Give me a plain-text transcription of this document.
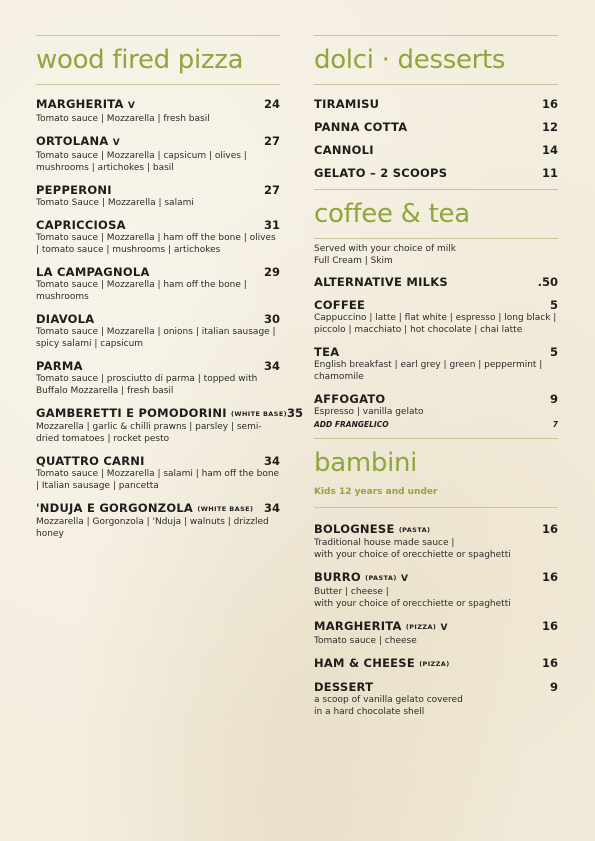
wood fired pizza
MARGHERITA V	24
Tomato sauce | Mozzarella | fresh basil
ORTOLANA V	27
Tomato sauce | Mozzarella | capsicum | olives | mushrooms | artichokes | basil
PEPPERONI	27
Tomato Sauce | Mozzarella | salami
CAPRICCIOSA	31
Tomato sauce | Mozzarella | ham off the bone | olives | tomato sauce | mushrooms | artichokes
LA CAMPAGNOLA	29
Tomato sauce | Mozzarella | ham off the bone | mushrooms
DIAVOLA	30
Tomato sauce | Mozzarella | onions | italian sausage | spicy salami | capsicum
PARMA	34
Tomato sauce | prosciutto di parma | topped with Buffalo Mozzarella | fresh basil
GAMBERETTI E POMODORINI (WHITE BASE) 35
Mozzarella | garlic & chilli prawns | parsley | semi-dried tomatoes | rocket pesto
QUATTRO CARNI	34
Tomato sauce | Mozzarella | salami | ham off the bone | Italian sausage | pancetta
'NDUJA E GORGONZOLA (WHITE BASE) 34
Mozzarella | Gorgonzola | 'Nduja | walnuts | drizzled honey
dolci · desserts
TIRAMISU	16
PANNA COTTA	12
CANNOLI	14
GELATO – 2 SCOOPS	11
coffee & tea
Served with your choice of milk
Full Cream | Skim
ALTERNATIVE MILKS	.50
COFFEE	5
Cappuccino | latte | flat white | espresso | long black | piccolo | macchiato | hot chocolate | chai latte
TEA	5
English breakfast | earl grey | green | peppermint | chamomile
AFFOGATO	9
Espresso | vanilla gelato
ADD FRANGELICO	7
bambini
Kids 12 years and under
BOLOGNESE (PASTA)	16
Traditional house made sauce |
with your choice of orecchiette or spaghetti
BURRO (PASTA) V	16
Butter | cheese |
with your choice of orecchiette or spaghetti
MARGHERITA (PIZZA) V	16
Tomato sauce | cheese
HAM & CHEESE (PIZZA)	16
DESSERT	9
a scoop of vanilla gelato covered
in a hard chocolate shell
